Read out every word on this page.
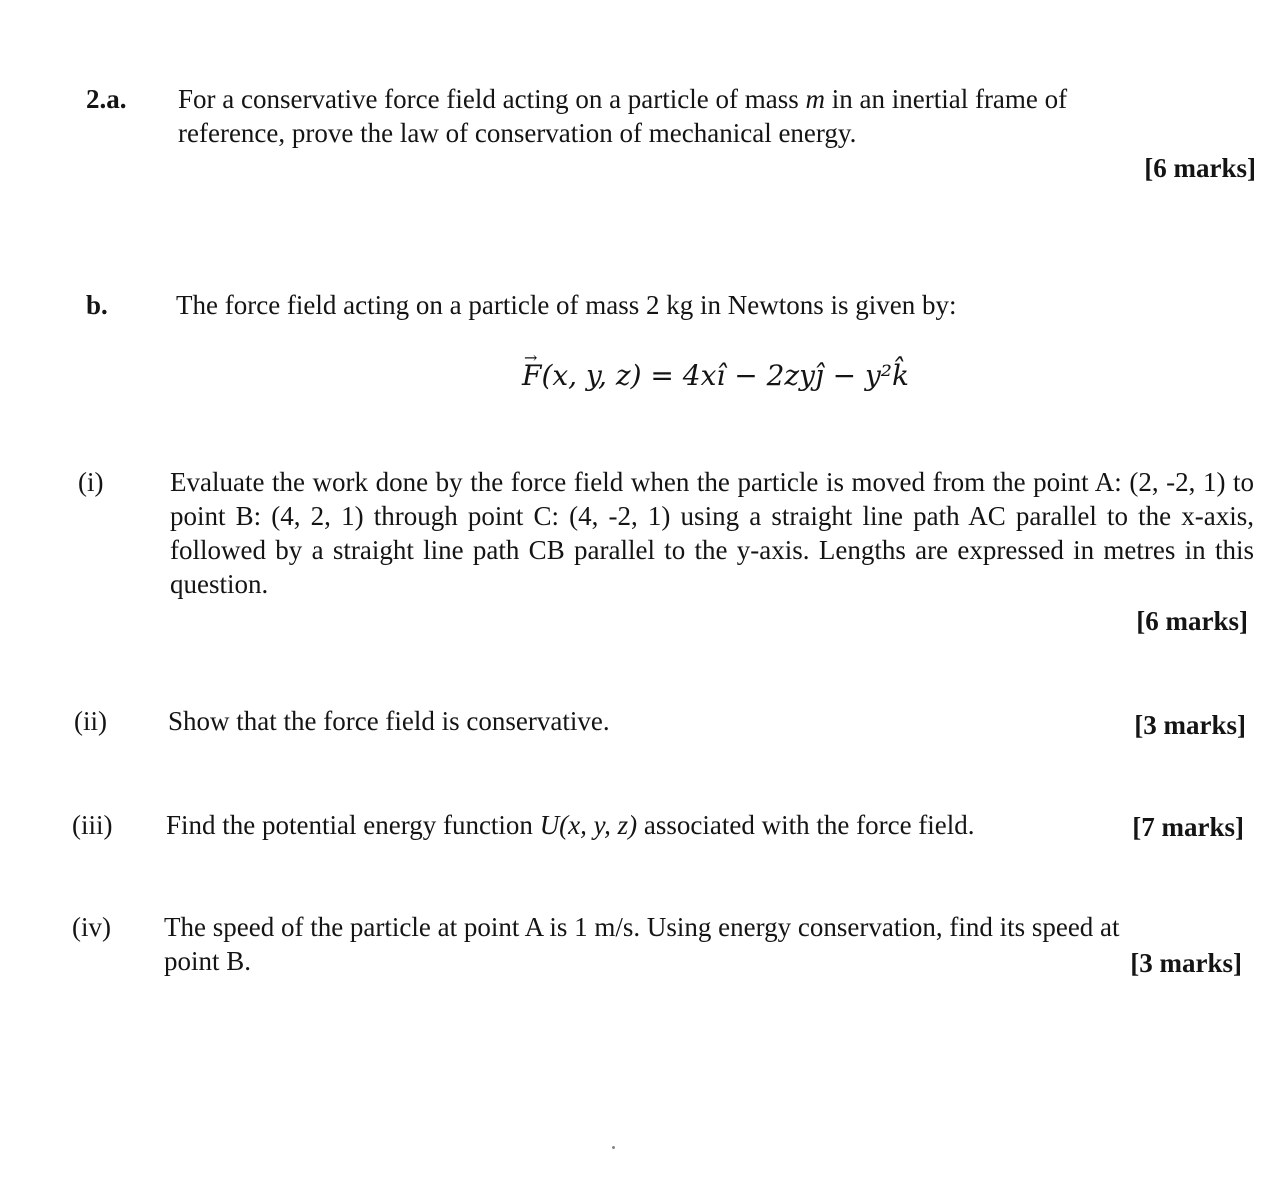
2.a. For a conservative force field acting on a particle of mass m in an inertial frame of
reference, prove the law of conservation of mechanical energy.
[6 marks]
b.	The force field acting on a particle of mass 2 kg in Newtons is given by:
→ F(x, y, z) = 4xî − 2zyĵ − y²k̂
(i) Evaluate the work done by the force field when the particle is moved from the point A: (2, -2, 1) to point B: (4, 2, 1) through point C: (4, -2, 1) using a straight line path AC parallel to the x-axis, followed by a straight line path CB parallel to the y-axis. Lengths are expressed in metres in this question.
[6 marks]
(ii) Show that the force field is conservative.	[3 marks]
(iii) Find the potential energy function U(x, y, z) associated with the force field.	[7 marks]
(iv) The speed of the particle at point A is 1 m/s. Using energy conservation, find its speed at
point B.	[3 marks]
